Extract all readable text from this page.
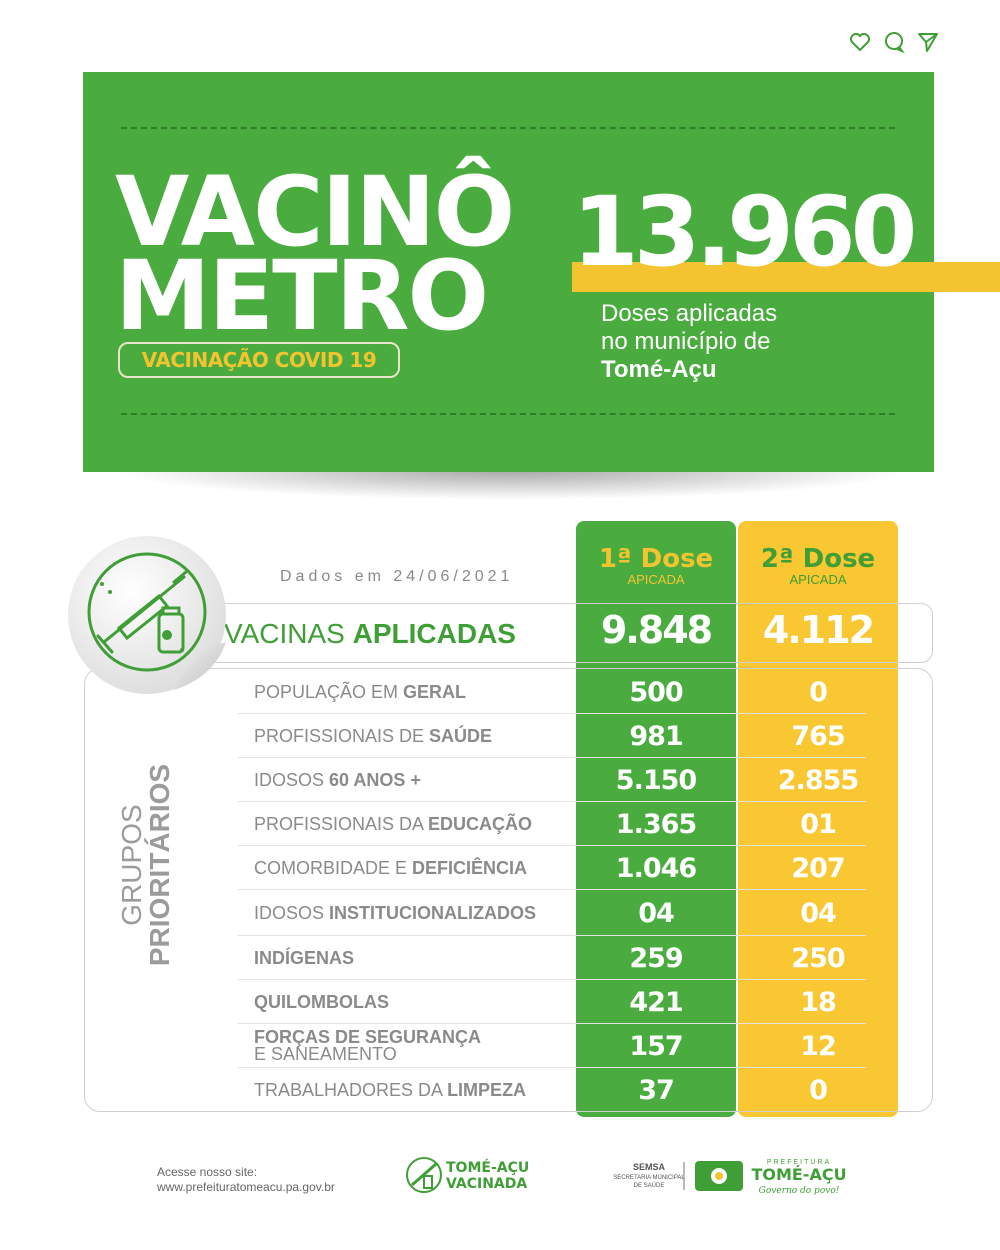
VACINÔ
METRO
VACINAÇÃO COVID 19
13.960
Doses aplicadas
no município de
Tomé-Açu
1ª Dose
APICADA
2ª Dose
APICADA
Dados em 24/06/2021
VACINAS APLICADAS	9.848	4.112
GRUPOS
PRIORITÁRIOS
POPULAÇÃO EM GERAL	500	0
PROFISSIONAIS DE SAÚDE	981	765
IDOSOS 60 ANOS +	5.150	2.855
PROFISSIONAIS DA EDUCAÇÃO	1.365	01
COMORBIDADE E DEFICIÊNCIA	1.046	207
IDOSOS INSTITUCIONALIZADOS	04	04
INDÍGENAS	259	250
QUILOMBOLAS	421	18
FORÇAS DE SEGURANÇA
E SANEAMENTO	157	12
TRABALHADORES DA LIMPEZA	37	0
Acesse nosso site:
www.prefeituratomeacu.pa.gov.br
TOMÉ-AÇU
VACINADA
SEMSA
SECRETARIA MUNICIPAL
DE SAÚDE
PREFEITURA
TOMÉ-AÇU
Governo do povo!
